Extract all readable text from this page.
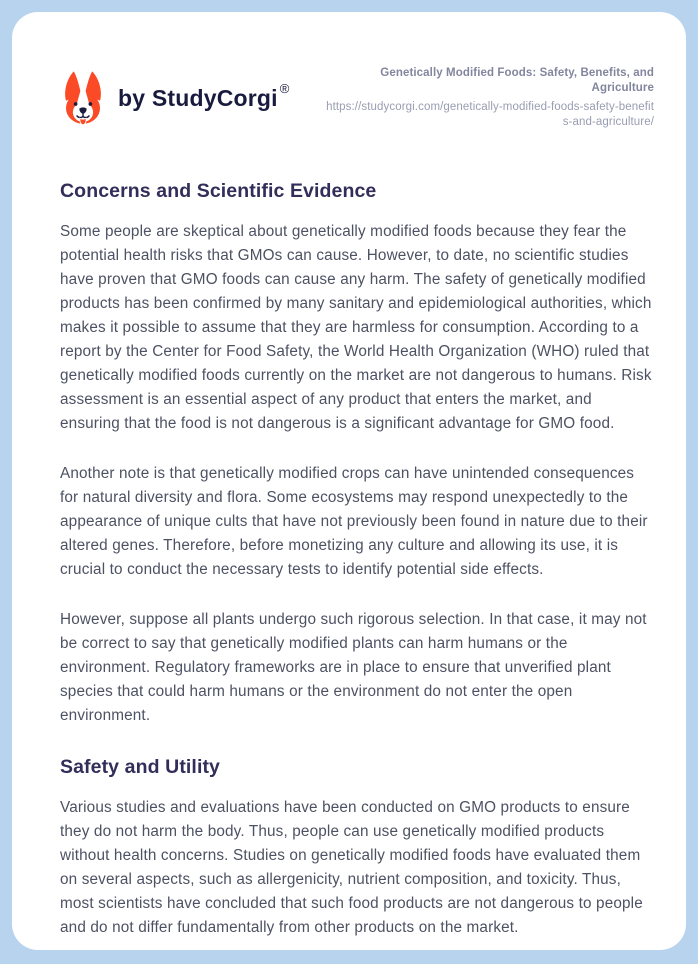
by StudyCorgi ®
Genetically Modified Foods: Safety, Benefits, and Agriculture
https://studycorgi.com/genetically-modified-foods-safety-benefits-and-agriculture/
Concerns and Scientific Evidence

Some people are skeptical about genetically modified foods because they fear the potential health risks that GMOs can cause. However, to date, no scientific studies have proven that GMO foods can cause any harm. The safety of genetically modified products has been confirmed by many sanitary and epidemiological authorities, which makes it possible to assume that they are harmless for consumption. According to a report by the Center for Food Safety, the World Health Organization (WHO) ruled that genetically modified foods currently on the market are not dangerous to humans. Risk assessment is an essential aspect of any product that enters the market, and ensuring that the food is not dangerous is a significant advantage for GMO food.

Another note is that genetically modified crops can have unintended consequences for natural diversity and flora. Some ecosystems may respond unexpectedly to the appearance of unique cults that have not previously been found in nature due to their altered genes. Therefore, before monetizing any culture and allowing its use, it is crucial to conduct the necessary tests to identify potential side effects.

However, suppose all plants undergo such rigorous selection. In that case, it may not be correct to say that genetically modified plants can harm humans or the environment. Regulatory frameworks are in place to ensure that unverified plant species that could harm humans or the environment do not enter the open environment.

Safety and Utility

Various studies and evaluations have been conducted on GMO products to ensure they do not harm the body. Thus, people can use genetically modified products without health concerns. Studies on genetically modified foods have evaluated them on several aspects, such as allergenicity, nutrient composition, and toxicity. Thus, most scientists have concluded that such food products are not dangerous to people and do not differ fundamentally from other products on the market.
